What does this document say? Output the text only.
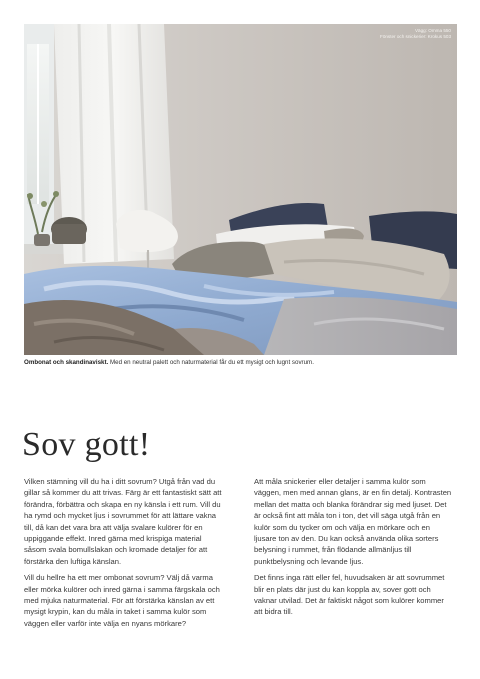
Vägg: Omma 550
Fönster och snickerier: Krokus 503
Ombonat och skandinaviskt. Med en neutral palett och naturmaterial får du ett mysigt och lugnt sovrum.
Sov gott!

Vilken stämning vill du ha i ditt sovrum? Utgå från vad du gillar så kommer du att trivas. Färg är ett fantastiskt sätt att förändra, förbättra och skapa en ny känsla i ett rum. Vill du ha rymd och mycket ljus i sovrummet för att lättare vakna till, då kan det vara bra att välja svalare kulörer för en uppiggande effekt. Inred gärna med krispiga material såsom svala bomullslakan och kromade detaljer för att förstärka den luftiga känslan.

Vill du hellre ha ett mer ombonat sovrum? Välj då varma eller mörka kulörer och inred gärna i samma färgskala och med mjuka naturmaterial. För att förstärka känslan av ett mysigt krypin, kan du måla in taket i samma kulör som väggen eller varför inte välja en nyans mörkare?

Att måla snickerier eller detaljer i samma kulör som väggen, men med annan glans, är en fin detalj. Kontrasten mellan det matta och blanka förändrar sig med ljuset. Det är också fint att måla ton i ton, det vill säga utgå från en kulör som du tycker om och välja en mörkare och en ljusare ton av den. Du kan också använda olika sorters belysning i rummet, från flödande allmänljus till punktbelysning och levande ljus.

Det finns inga rätt eller fel, huvudsaken är att sovrummet blir en plats där just du kan koppla av, sover gott och vaknar utvilad. Det är faktiskt något som kulörer kommer att bidra till.
